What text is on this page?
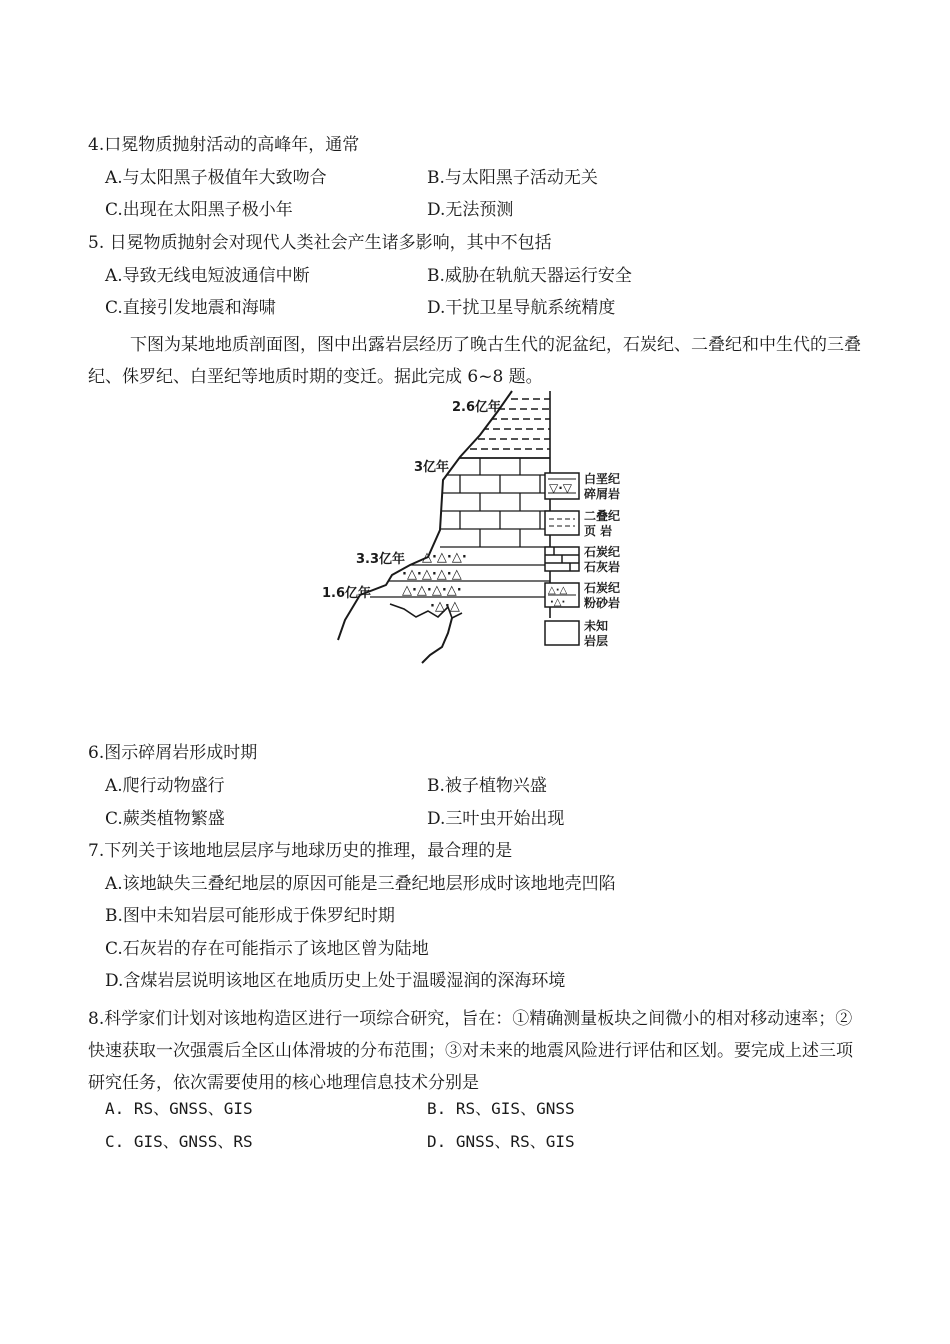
4.口冕物质抛射活动的高峰年，通常
A.与太阳黑子极值年大致吻合	B.与太阳黑子活动无关
C.出现在太阳黑子极小年	D.无法预测
5. 日冕物质抛射会对现代人类社会产生诸多影响，其中不包括
A.导致无线电短波通信中断	B.威胁在轨航天器运行安全
C.直接引发地震和海啸	D.干扰卫星导航系统精度
下图为某地地质剖面图，图中出露岩层经历了晚古生代的泥盆纪，石炭纪、二叠纪和中生代的三叠纪、侏罗纪、白垩纪等地质时期的变迁。据此完成 6~8 题。
△·△·△·
·△·△·△·△
△·△·△·△·
·△·△
2.6亿年
3亿年
3.3亿年
1.6亿年
▽·▽
△·△
·△·
白垩纪
碎屑岩
二叠纪
页 岩
石炭纪
石灰岩
石炭纪
粉砂岩
未知
岩层
6.图示碎屑岩形成时期
A.爬行动物盛行	B.被子植物兴盛
C.蕨类植物繁盛	D.三叶虫开始出现
7.下列关于该地地层层序与地球历史的推理，最合理的是
A.该地缺失三叠纪地层的原因可能是三叠纪地层形成时该地地壳凹陷
B.图中未知岩层可能形成于侏罗纪时期
C.石灰岩的存在可能指示了该地区曾为陆地
D.含煤岩层说明该地区在地质历史上处于温暖湿润的深海环境
8.科学家们计划对该地构造区进行一项综合研究，旨在：①精确测量板块之间微小的相对移动速率；②快速获取一次强震后全区山体滑坡的分布范围；③对未来的地震风险进行评估和区划。要完成上述三项研究任务，依次需要使用的核心地理信息技术分别是
A. RS、GNSS、GIS	B. RS、GIS、GNSS
C. GIS、GNSS、RS	D. GNSS、RS、GIS
